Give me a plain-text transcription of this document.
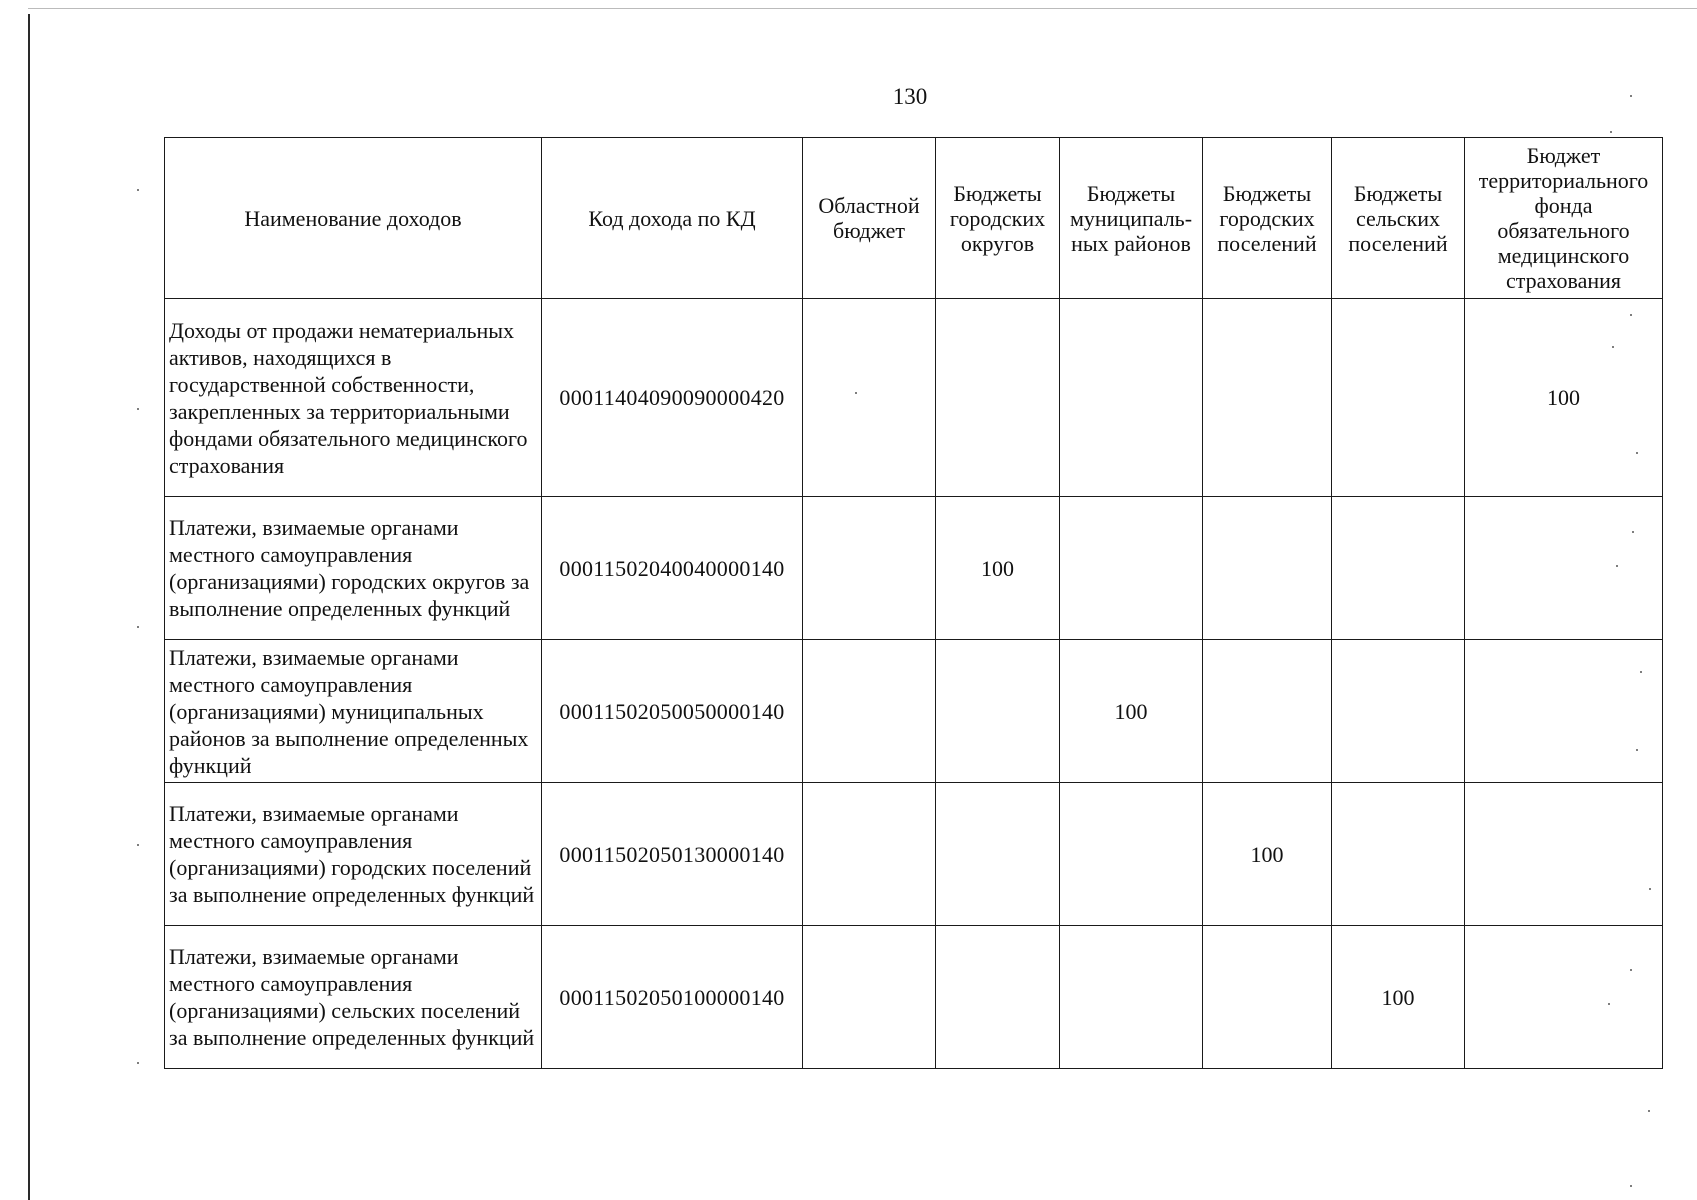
130
Наименование доходов	Код дохода по КД	Областной бюджет	Бюджеты городских округов	Бюджеты муниципаль-ных районов	Бюджеты городских поселений	Бюджеты сельских поселений	Бюджет территориального фонда обязательного медицинского страхования
Доходы от продажи нематериальных активов, находящихся в государственной собственности, закрепленных за территориальными фондами обязательного медицинского страхования	00011404090090000420						100
Платежи, взимаемые органами местного самоуправления (организациями) городских округов за выполнение определенных функций	00011502040040000140		100				
Платежи, взимаемые органами местного самоуправления (организациями) муниципальных районов за выполнение определенных функций	00011502050050000140			100			
Платежи, взимаемые органами местного самоуправления (организациями) городских поселений за выполнение определенных функций	00011502050130000140				100		
Платежи, взимаемые органами местного самоуправления (организациями) сельских поселений за выполнение определенных функций	00011502050100000140					100	
